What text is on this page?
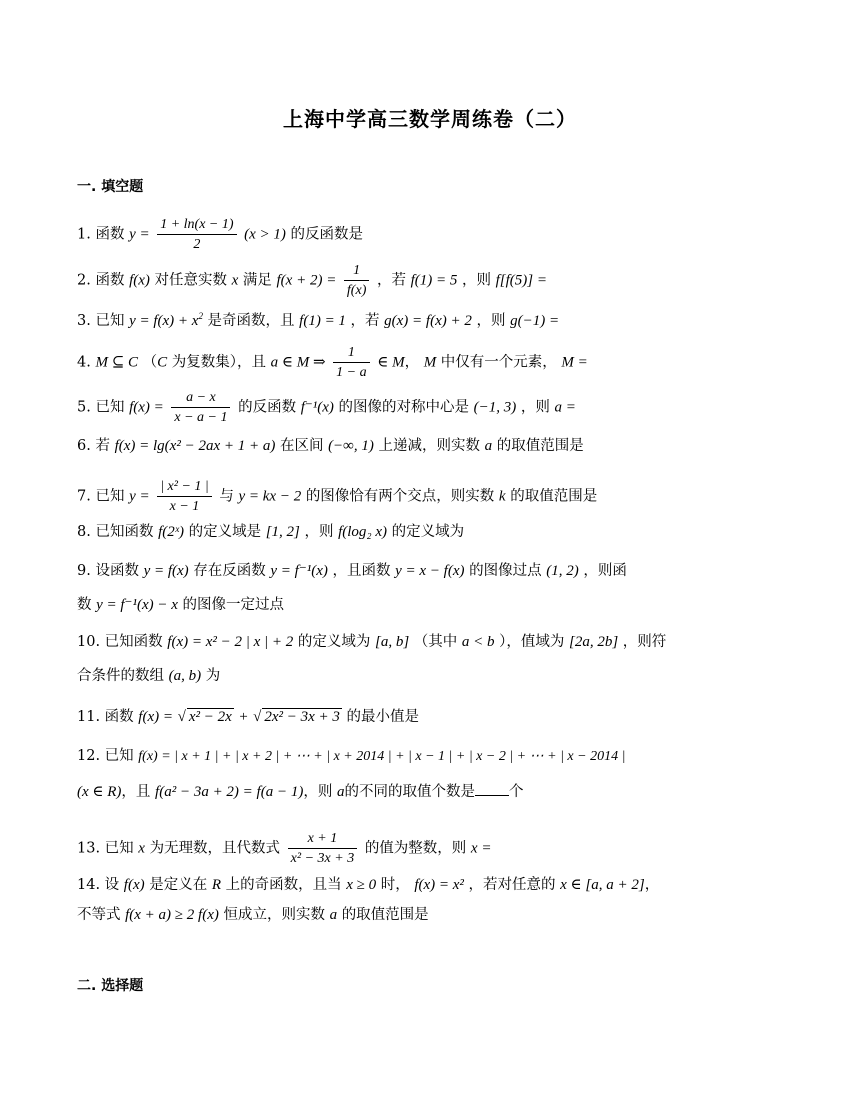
上海中学高三数学周练卷（二）
一. 填空题
1. 函数 $y = \frac{1 + \ln(x - 1)}{2} (x > 1)$ 的反函数是
2. 函数 f(x) 对任意实数 x 满足 $f(x + 2) = \frac{1}{f(x)}$ ，若 f(1) = 5 ，则 f[f(5)] =
3. 已知 $y = f(x) + x^2$ 是奇函数，且 f(1) = 1 ，若 g(x) = f(x) + 2 ，则 g(−1) =
4. M ⊆ C （C 为复数集），且 a ∈ M ⇒ $\frac{1}{1 - a}$ ∈ M， M 中仅有一个元素， M =
5. 已知 $f(x) = \frac{a - x}{x - a - 1}$ 的反函数 f⁻¹(x) 的图像的对称中心是 (−1, 3) ，则 a =
6. 若 f(x) = lg(x² − 2ax + 1 + a) 在区间 (−∞, 1) 上递减，则实数 a 的取值范围是
7. 已知 $y = \frac{\text{| x² − 1 |}}{x - 1}$ 与 y = kx − 2 的图像恰有两个交点，则实数 k 的取值范围是
8. 已知函数 f(2ˣ) 的定义域是 [1, 2] ，则 f(log₂ x) 的定义域为
9. 设函数 y = f(x) 存在反函数 y = f⁻¹(x) ，且函数 y = x − f(x) 的图像过点 (1, 2) ，则函
数 y = f⁻¹(x) − x 的图像一定过点
10. 已知函数 f(x) = x² − 2 | x | + 2 的定义域为 [a, b] （其中 a < b ），值域为 [2a, 2b] ，则符
合条件的数组 (a, b) 为
11. 函数 f(x) = √ x² − 2x + √ 2x² − 3x + 3 的最小值是
12. 已知 f(x) = | x + 1 | + | x + 2 | + ⋯ + | x + 2014 | + | x − 1 | + | x − 2 | + ⋯ + | x − 2014 |
(x ∈ R)，且 f(a² − 3a + 2) = f(a − 1)，则 a的不同的取值个数是 个
13. 已知 x 为无理数，且代数式 $\frac{x + 1}{\text{x² − 3x + 3}}$ 的值为整数，则 x =
14. 设 f(x) 是定义在 R 上的奇函数，且当 x ≥ 0 时， f(x) = x² ，若对任意的 x ∈ [a, a + 2]，
不等式 f(x + a) ≥ 2 f(x) 恒成立，则实数 a 的取值范围是
二. 选择题
